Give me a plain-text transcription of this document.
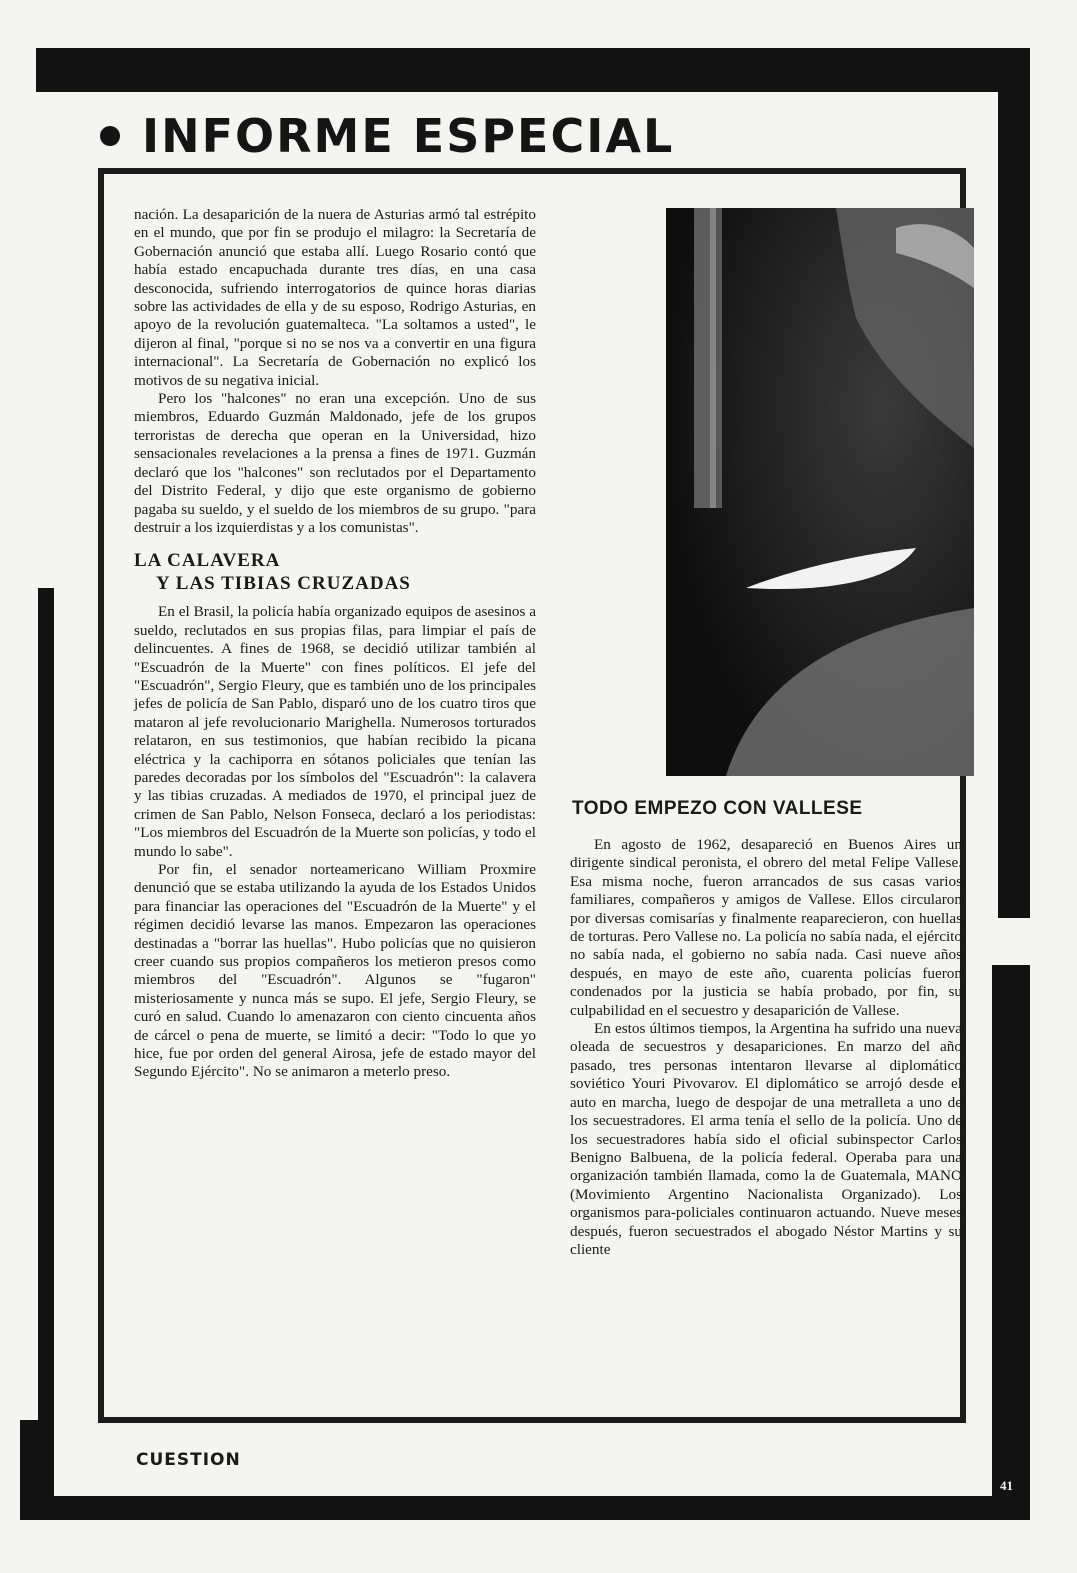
INFORME ESPECIAL

nación. La desaparición de la nuera de Asturias armó tal estrépito en el mundo, que por fin se produjo el milagro: la Secretaría de Gobernación anunció que estaba allí. Luego Rosario contó que había estado encapuchada durante tres días, en una casa desconocida, sufriendo interrogatorios de quince horas diarias sobre las actividades de ella y de su esposo, Rodrigo Asturias, en apoyo de la revolución guatemalteca. "La soltamos a usted", le dijeron al final, "porque si no se nos va a convertir en una figura internacional". La Secretaría de Gobernación no explicó los motivos de su negativa inicial.

Pero los "halcones" no eran una excepción. Uno de sus miembros, Eduardo Guzmán Maldonado, jefe de los grupos terroristas de derecha que operan en la Universidad, hizo sensacionales revelaciones a la prensa a fines de 1971. Guzmán declaró que los "halcones" son reclutados por el Departamento del Distrito Federal, y dijo que este organismo de gobierno pagaba su sueldo, y el sueldo de los miembros de su grupo. "para destruir a los izquierdistas y a los comunistas".

LA CALAVERA
Y LAS TIBIAS CRUZADAS

En el Brasil, la policía había organizado equipos de asesinos a sueldo, reclutados en sus propias filas, para limpiar el país de delincuentes. A fines de 1968, se decidió utilizar también al "Escuadrón de la Muerte" con fines políticos. El jefe del "Escuadrón", Sergio Fleury, que es también uno de los principales jefes de policía de San Pablo, disparó uno de los cuatro tiros que mataron al jefe revolucionario Marighella. Numerosos torturados relataron, en sus testimonios, que habían recibido la picana eléctrica y la cachiporra en sótanos policiales que tenían las paredes decoradas por los símbolos del "Escuadrón": la calavera y las tibias cruzadas. A mediados de 1970, el principal juez de crimen de San Pablo, Nelson Fonseca, declaró a los periodistas: "Los miembros del Escuadrón de la Muerte son policías, y todo el mundo lo sabe".

Por fin, el senador norteamericano William Proxmire denunció que se estaba utilizando la ayuda de los Estados Unidos para financiar las operaciones del "Escuadrón de la Muerte" y el régimen decidió levarse las manos. Empezaron las operaciones destinadas a "borrar las huellas". Hubo policías que no quisieron creer cuando sus propios compañeros los metieron presos como miembros del "Escuadrón". Algunos se "fugaron" misteriosamente y nunca más se supo. El jefe, Sergio Fleury, se curó en salud. Cuando lo amenazaron con ciento cincuenta años de cárcel o pena de muerte, se limitó a decir: "Todo lo que yo hice, fue por orden del general Airosa, jefe de estado mayor del Segundo Ejército". No se animaron a meterlo preso.

TODO EMPEZO CON VALLESE

En agosto de 1962, desapareció en Buenos Aires un dirigente sindical peronista, el obrero del metal Felipe Vallese. Esa misma noche, fueron arrancados de sus casas varios familiares, compañeros y amigos de Vallese. Ellos circularon por diversas comisarías y finalmente reaparecieron, con huellas de torturas. Pero Vallese no. La policía no sabía nada, el ejército no sabía nada, el gobierno no sabía nada. Casi nueve años después, en mayo de este año, cuarenta policías fueron condenados por la justicia se había probado, por fin, su culpabilidad en el secuestro y desaparición de Vallese.

En estos últimos tiempos, la Argentina ha sufrido una nueva oleada de secuestros y desapariciones. En marzo del año pasado, tres personas intentaron llevarse al diplomático soviético Youri Pivovarov. El diplomático se arrojó desde el auto en marcha, luego de despojar de una metralleta a uno de los secuestradores. El arma tenía el sello de la policía. Uno de los secuestradores había sido el oficial subinspector Carlos Benigno Balbuena, de la policía federal. Operaba para una organización también llamada, como la de Guatemala, MANO (Movimiento Argentino Nacionalista Organizado). Los organismos para-policiales continuaron actuando. Nueve meses después, fueron secuestrados el abogado Néstor Martins y su cliente

CUESTION
41
